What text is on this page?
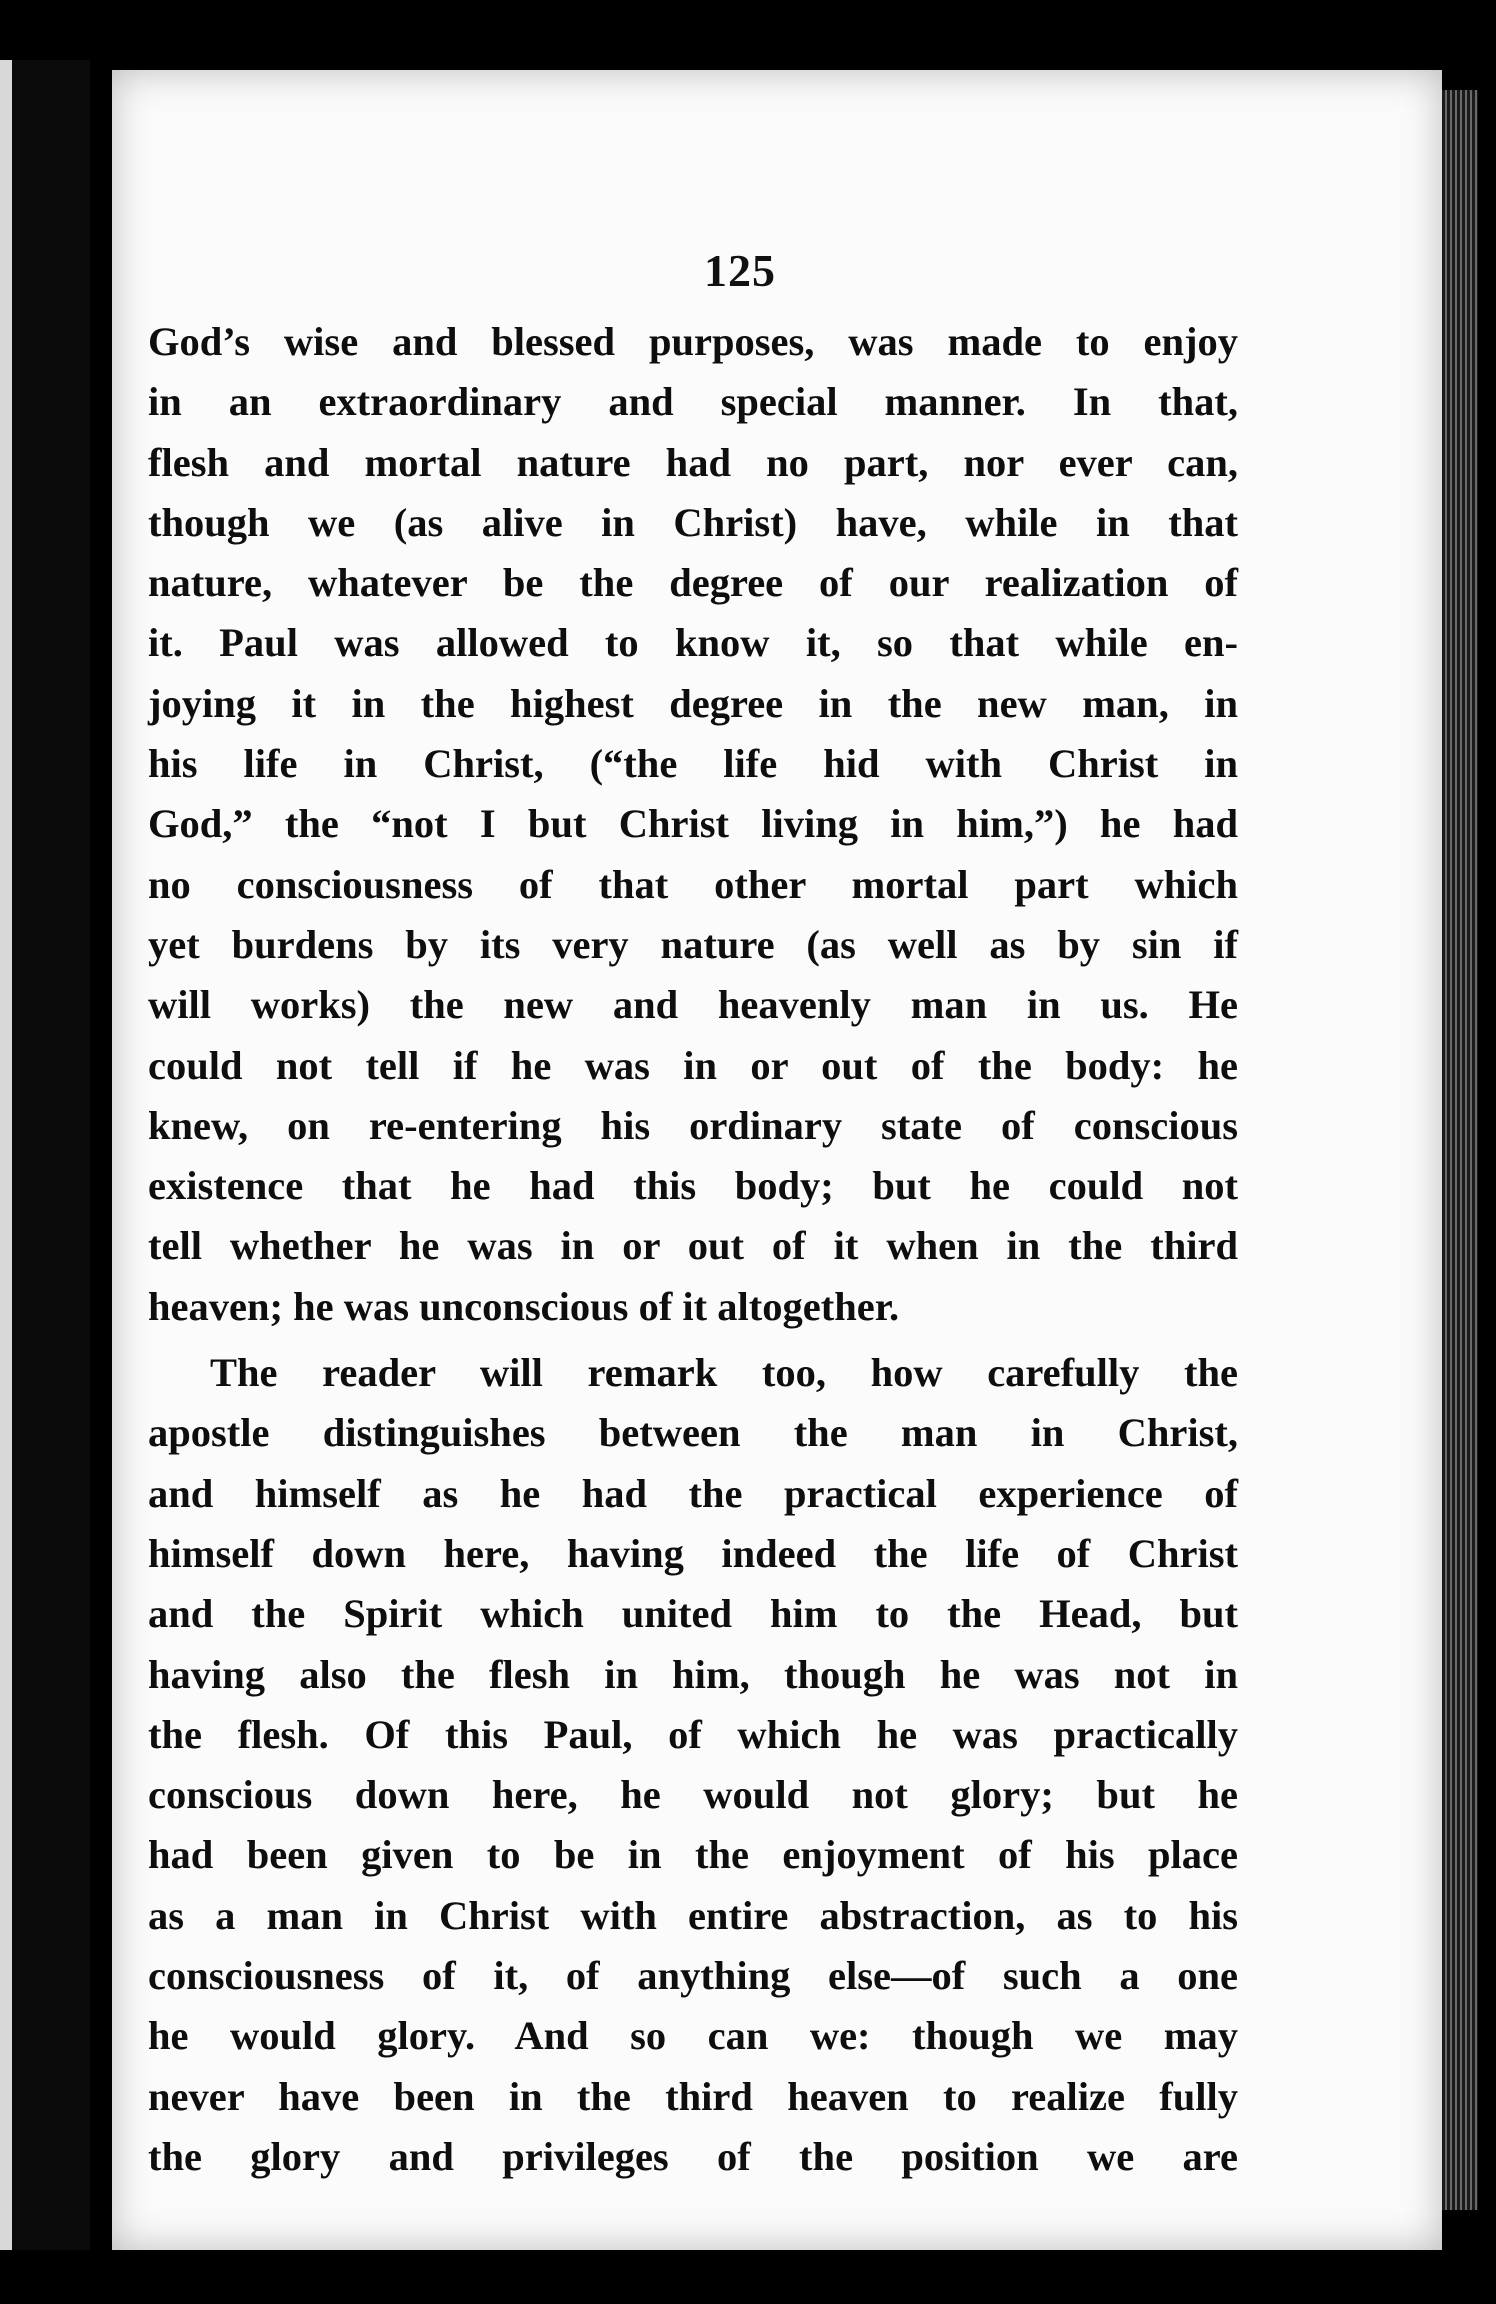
125
God’s wise and blessed purposes, was made to enjoy
in an extraordinary and special manner. In that,
flesh and mortal nature had no part, nor ever can,
though we (as alive in Christ) have, while in that
nature, whatever be the degree of our realization of
it. Paul was allowed to know it, so that while en-
joying it in the highest degree in the new man, in
his life in Christ, (“the life hid with Christ in
God,” the “not I but Christ living in him,”) he had
no consciousness of that other mortal part which
yet burdens by its very nature (as well as by sin if
will works) the new and heavenly man in us. He
could not tell if he was in or out of the body: he
knew, on re-entering his ordinary state of conscious
existence that he had this body; but he could not
tell whether he was in or out of it when in the third
heaven; he was unconscious of it altogether.
The reader will remark too, how carefully the
apostle distinguishes between the man in Christ,
and himself as he had the practical experience of
himself down here, having indeed the life of Christ
and the Spirit which united him to the Head, but
having also the flesh in him, though he was not in
the flesh. Of this Paul, of which he was practically
conscious down here, he would not glory; but he
had been given to be in the enjoyment of his place
as a man in Christ with entire abstraction, as to his
consciousness of it, of anything else—of such a one
he would glory. And so can we: though we may
never have been in the third heaven to realize fully
the glory and privileges of the position we are
